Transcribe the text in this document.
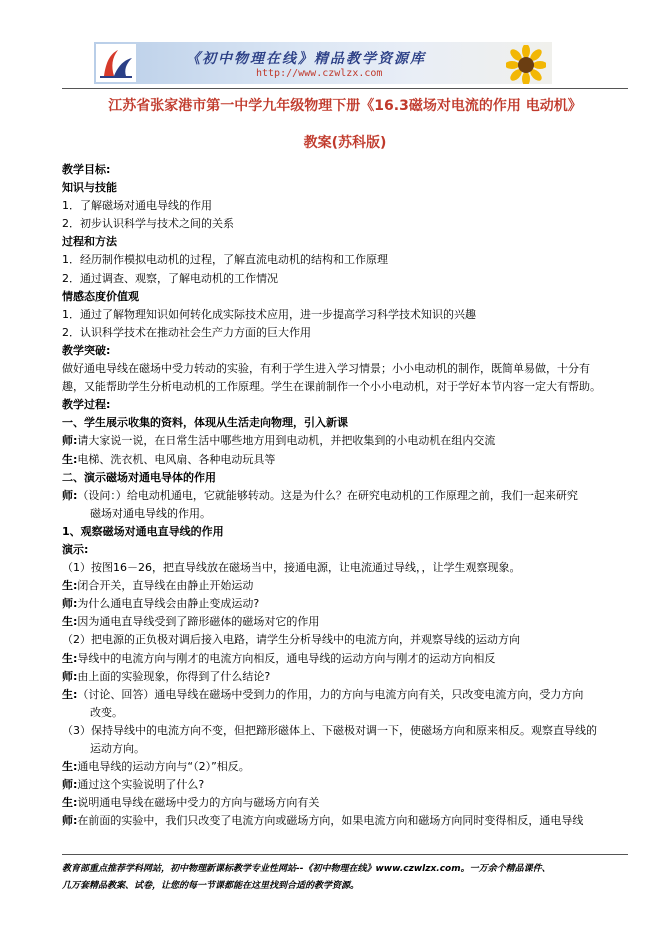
《初中物理在线》精品教学资源库
http://www.czwlzx.com
江苏省张家港市第一中学九年级物理下册《16.3磁场对电流的作用 电动机》
教案(苏科版)

教学目标:

知识与技能

1．了解磁场对通电导线的作用

2．初步认识科学与技术之间的关系

过程和方法

1．经历制作模拟电动机的过程，了解直流电动机的结构和工作原理

2．通过调查、观察，了解电动机的工作情况

情感态度价值观

1．通过了解物理知识如何转化成实际技术应用，进一步提高学习科学技术知识的兴趣

2．认识科学技术在推动社会生产力方面的巨大作用

教学突破:

做好通电导线在磁场中受力转动的实验，有利于学生进入学习情景；小小电动机的制作，既简单易做，十分有

趣，又能帮助学生分析电动机的工作原理。学生在课前制作一个小小电动机，对于学好本节内容一定大有帮助。

教学过程:

一、学生展示收集的资料，体现从生活走向物理，引入新课

师:请大家说一说，在日常生活中哪些地方用到电动机，并把收集到的小电动机在组内交流

生:电梯、洗衣机、电风扇、各种电动玩具等

二、演示磁场对通电导体的作用

师:（设问：）给电动机通电，它就能够转动。这是为什么？在研究电动机的工作原理之前，我们一起来研究

磁场对通电导线的作用。

1、观察磁场对通电直导线的作用

演示:

（1）按图16－26，把直导线放在磁场当中，接通电源，让电流通过导线，，让学生观察现象。

生:闭合开关，直导线在由静止开始运动

师:为什么通电直导线会由静止变成运动?

生:因为通电直导线受到了蹄形磁体的磁场对它的作用

（2）把电源的正负极对调后接入电路，请学生分析导线中的电流方向，并观察导线的运动方向

生:导线中的电流方向与刚才的电流方向相反，通电导线的运动方向与刚才的运动方向相反

师:由上面的实验现象，你得到了什么结论?

生:（讨论、回答）通电导线在磁场中受到力的作用，力的方向与电流方向有关，只改变电流方向，受力方向

改变。

（3）保持导线中的电流方向不变，但把蹄形磁体上、下磁极对调一下，使磁场方向和原来相反。观察直导线的

运动方向。

生:通电导线的运动方向与“（2）”相反。

师:通过这个实验说明了什么?

生:说明通电导线在磁场中受力的方向与磁场方向有关

师:在前面的实验中，我们只改变了电流方向或磁场方向，如果电流方向和磁场方向同时变得相反，通电导线

教育部重点推荐学科网站，初中物理新课标教学专业性网站--《初中物理在线》www.czwlzx.com。一万余个精品课件、
几万套精品教案、试卷，让您的每一节课都能在这里找到合适的教学资源。
